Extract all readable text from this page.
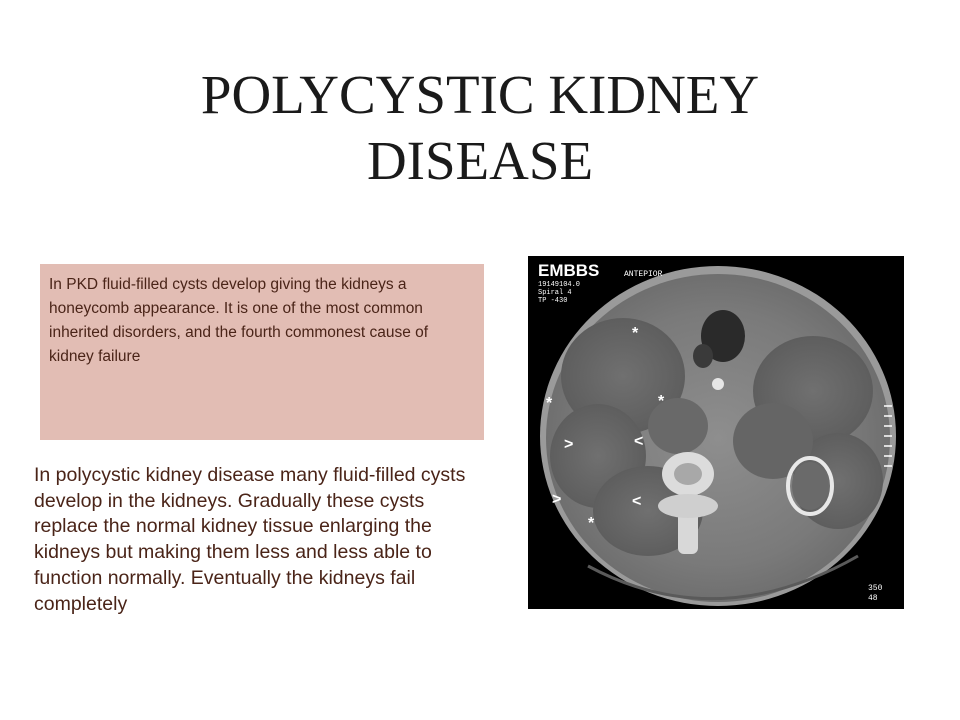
POLYCYSTIC KIDNEY
DISEASE

In PKD fluid-filled cysts develop giving the kidneys a honeycomb appearance. It is one of the most common inherited disorders, and the fourth commonest cause of kidney failure

In polycystic kidney disease many fluid-filled cysts develop in the kidneys. Gradually these cysts replace the normal kidney tissue enlarging the kidneys but making them less and less able to function normally. Eventually the kidneys fail completely

*
*	*
*
>
>
<
<
EMBBS	ANTEPIOR
19149104.0
Spiral 4
TP -430
350
48
